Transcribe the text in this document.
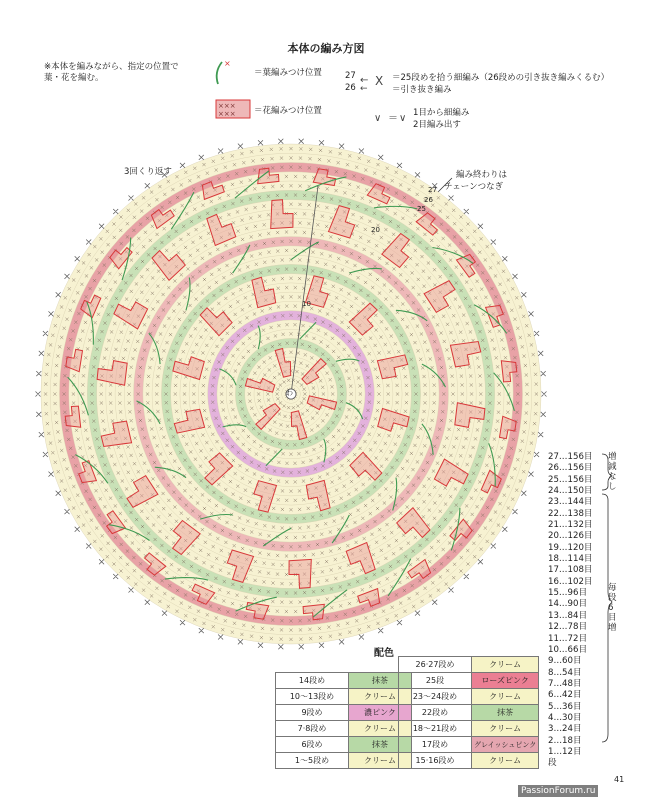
本体の編み方図
※本体を編みながら、指定の位置で葉・花を編む。
×
×××
×××
← X
←
∨ ＝ ∨
＝葉編みつけ位置
＝花編みつけ位置
27
26
＝25段めを拾う細編み（26段めの引き抜き編みくるむ）
＝引き抜き編み
1目から細編み
2目編み出す
3回くり返す	編み終わりは
チェーンつなぎ
わ
10
20
25
26
27
27…156目
26…156目
25…156目
24…150目
23…144目
22…138目
21…132目
20…126目
19…120目
18…114目
17…108目
16…102目
15…96目
14…90目
13…84目
12…78目
11…72目
10…66目
9…60目
8…54目
7…48目
6…42目
5…36目
4…30目
3…24目
2…18目
1…12目
段
増減なし
毎段6目増
配色
14段め	抹茶
10〜13段め	クリーム
9段め	濃ピンク
7·8段め	クリーム
6段め	抹茶
1〜5段め	クリーム
26·27段め	クリーム
25段	ローズピンク
23〜24段め	クリーム
22段め	抹茶
18〜21段め	クリーム
17段め	グレイッシュピンク
15·16段め	クリーム
41
PassionForum.ru
